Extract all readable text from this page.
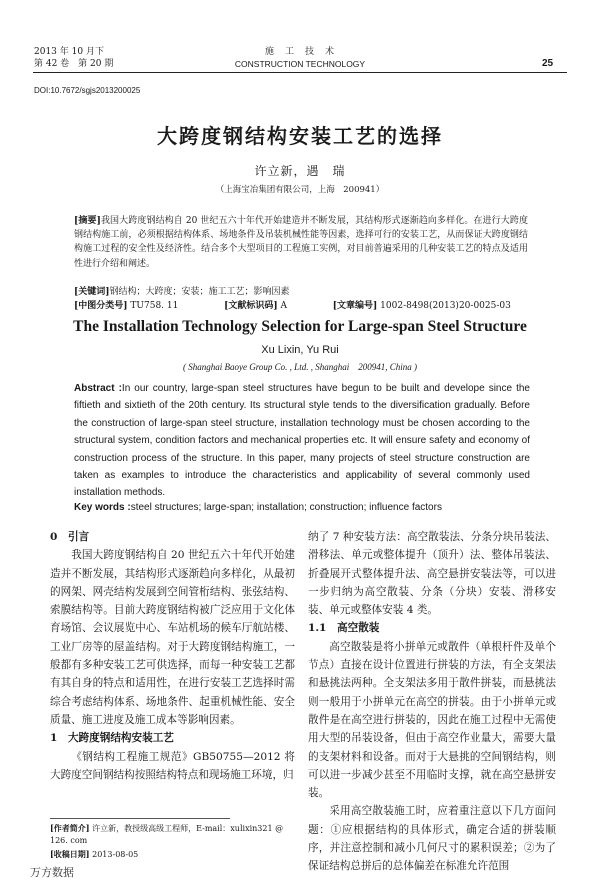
2013 年 10 月下
第 42 卷　第 20 期
施　工　技　术
CONSTRUCTION TECHNOLOGY	25
DOI:10.7672/sgjs2013200025
大跨度钢结构安装工艺的选择
许立新，遇　瑞
（上海宝冶集团有限公司，上海　200941）
[摘要]我国大跨度钢结构自 20 世纪五六十年代开始建造并不断发展，其结构形式逐渐趋向多样化。在进行大跨度钢结构施工前，必须根据结构体系、场地条件及吊装机械性能等因素，选择可行的安装工艺，从而保证大跨度钢结构施工过程的安全性及经济性。结合多个大型项目的工程施工实例，对目前普遍采用的几种安装工艺的特点及适用性进行介绍和阐述。
[关键词]钢结构；大跨度；安装；施工工艺；影响因素
[中图分类号] TU758. 11	[文献标识码] A	[文章编号] 1002-8498(2013)20-0025-03
The Installation Technology Selection for Large-span Steel Structure
Xu Lixin, Yu Rui
( Shanghai Baoye Group Co. , Ltd. , Shanghai　200941, China )
Abstract :In our country, large-span steel structures have begun to be built and develope since the fiftieth and sixtieth of the 20th century. Its structural style tends to the diversification gradually. Before the construction of large-span steel structure, installation technology must be chosen according to the structural system, condition factors and mechanical properties etc. It will ensure safety and economy of construction process of the structure. In this paper, many projects of steel structure construction are taken as examples to introduce the characteristics and applicability of several commonly used installation methods.
Key words :steel structures; large-span; installation; construction; influence factors

0　引言

我国大跨度钢结构自 20 世纪五六十年代开始建造并不断发展，其结构形式逐渐趋向多样化，从最初的网架、网壳结构发展到空间管桁结构、张弦结构、索膜结构等。目前大跨度钢结构被广泛应用于文化体育场馆、会议展览中心、车站机场的候车厅航站楼、工业厂房等的屋盖结构。对于大跨度钢结构施工，一般都有多种安装工艺可供选择，而每一种安装工艺都有其自身的特点和适用性，在进行安装工艺选择时需综合考虑结构体系、场地条件、起重机械性能、安全质量、施工进度及施工成本等影响因素。

1　大跨度钢结构安装工艺

《钢结构工程施工规范》GB50755—2012 将大跨度空间钢结构按照结构特点和现场施工环境，归

[作者简介] 许立新，教授级高级工程师，E-mail：xulixin321 @ 126. com
[收稿日期] 2013-08-05

纳了 7 种安装方法：高空散装法、分条分块吊装法、滑移法、单元或整体提升（顶升）法、整体吊装法、折叠展开式整体提升法、高空悬拼安装法等，可以进一步归纳为高空散装、分条（分块）安装、滑移安装、单元或整体安装 4 类。

1.1　高空散装

高空散装是将小拼单元或散件（单根杆件及单个节点）直接在设计位置进行拼装的方法，有全支架法和悬挑法两种。全支架法多用于散件拼装，而悬挑法则一般用于小拼单元在高空的拼装。由于小拼单元或散件是在高空进行拼装的，因此在施工过程中无需使用大型的吊装设备，但由于高空作业量大，需要大量的支架材料和设备。而对于大悬挑的空间钢结构，则可以进一步减少甚至不用临时支撑，就在高空悬拼安装。

采用高空散装施工时，应着重注意以下几方面问题：①应根据结构的具体形式，确定合适的拼装顺序，并注意控制和减小几何尺寸的累积误差；②为了保证结构总拼后的总体偏差在标准允许范围

万方数据
